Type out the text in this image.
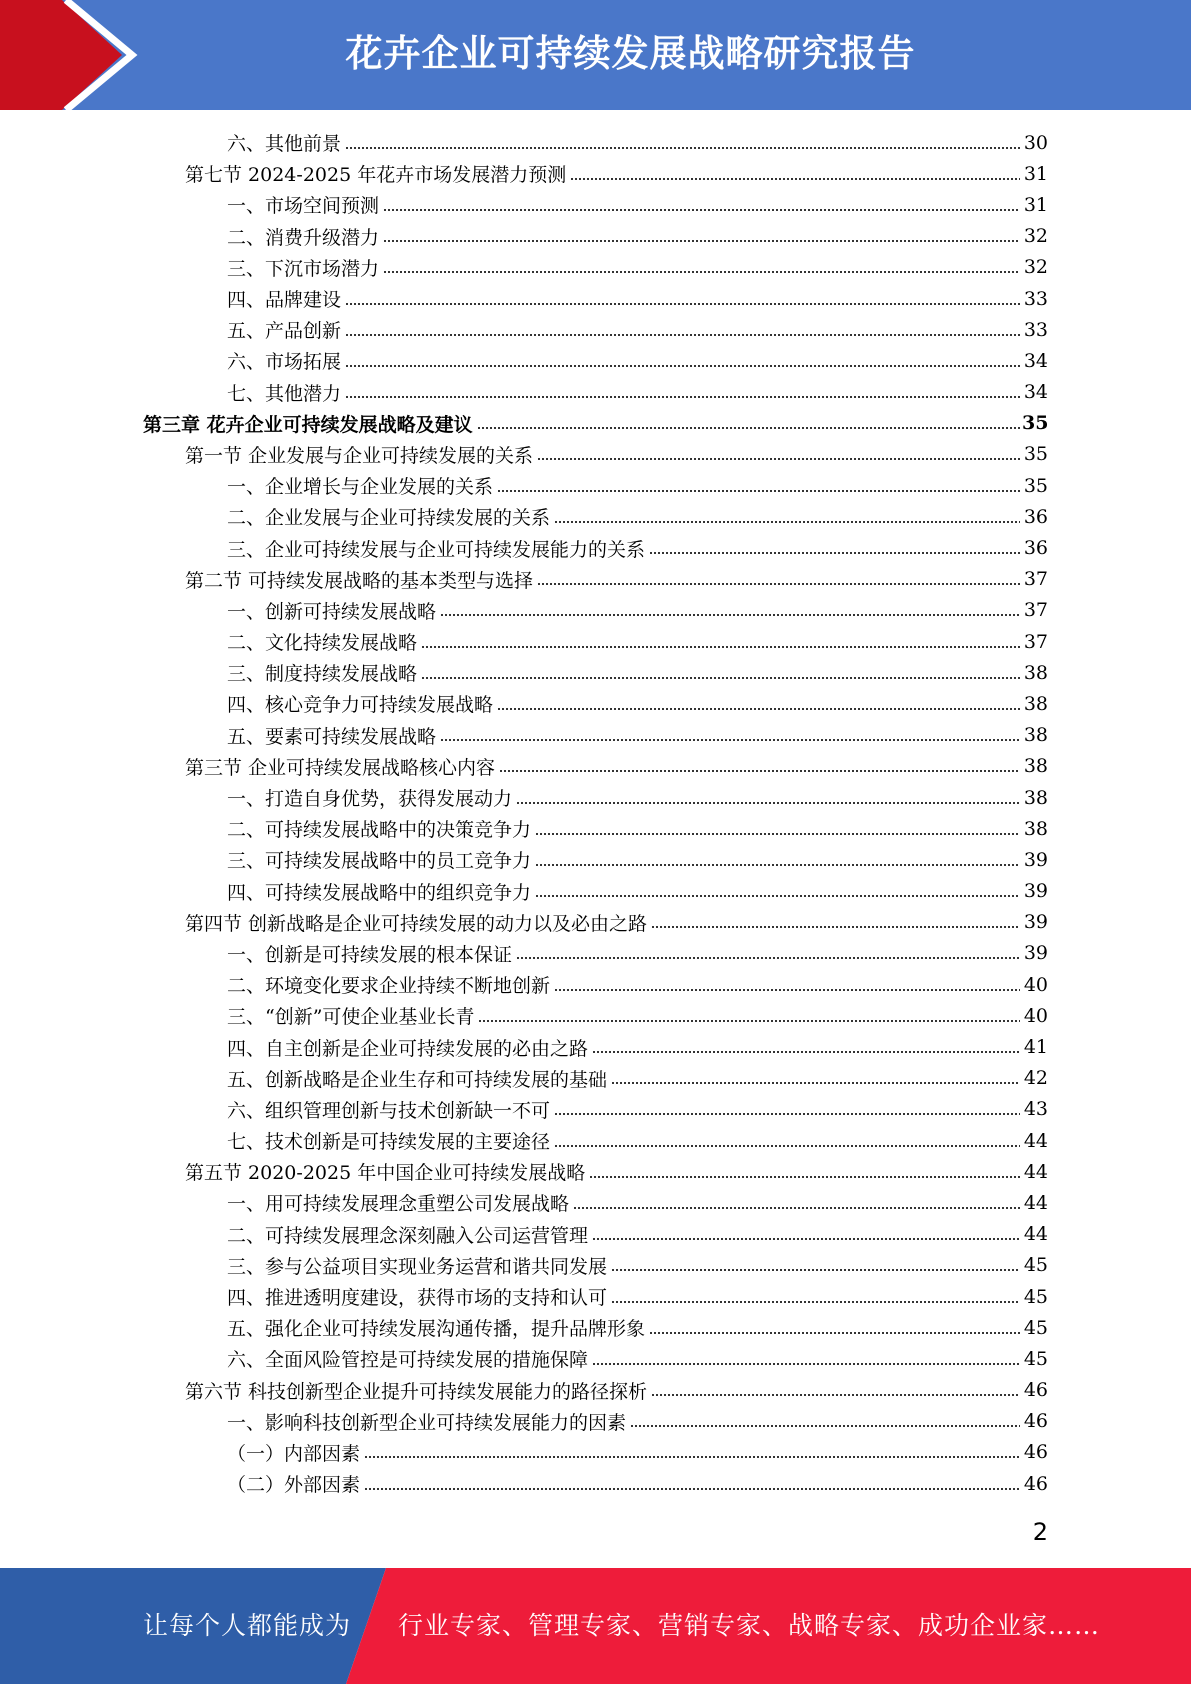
花卉企业可持续发展战略研究报告
六、其他前景	30
第七节 2024-2025 年花卉市场发展潜力预测	31
一、市场空间预测	31
二、消费升级潜力	32
三、下沉市场潜力	32
四、品牌建设	33
五、产品创新	33
六、市场拓展	34
七、其他潜力	34
第三章 花卉企业可持续发展战略及建议	35
第一节 企业发展与企业可持续发展的关系	35
一、企业增长与企业发展的关系	35
二、企业发展与企业可持续发展的关系	36
三、企业可持续发展与企业可持续发展能力的关系	36
第二节 可持续发展战略的基本类型与选择	37
一、创新可持续发展战略	37
二、文化持续发展战略	37
三、制度持续发展战略	38
四、核心竞争力可持续发展战略	38
五、要素可持续发展战略	38
第三节 企业可持续发展战略核心内容	38
一、打造自身优势，获得发展动力	38
二、可持续发展战略中的决策竞争力	38
三、可持续发展战略中的员工竞争力	39
四、可持续发展战略中的组织竞争力	39
第四节 创新战略是企业可持续发展的动力以及必由之路	39
一、创新是可持续发展的根本保证	39
二、环境变化要求企业持续不断地创新	40
三、“创新”可使企业基业长青	40
四、自主创新是企业可持续发展的必由之路	41
五、创新战略是企业生存和可持续发展的基础	42
六、组织管理创新与技术创新缺一不可	43
七、技术创新是可持续发展的主要途径	44
第五节 2020-2025 年中国企业可持续发展战略	44
一、用可持续发展理念重塑公司发展战略	44
二、可持续发展理念深刻融入公司运营管理	44
三、参与公益项目实现业务运营和谐共同发展	45
四、推进透明度建设，获得市场的支持和认可	45
五、强化企业可持续发展沟通传播，提升品牌形象	45
六、全面风险管控是可持续发展的措施保障	45
第六节 科技创新型企业提升可持续发展能力的路径探析	46
一、影响科技创新型企业可持续发展能力的因素	46
（一）内部因素	46
（二）外部因素	46
2
让每个人都能成为 行业专家、管理专家、营销专家、战略专家、成功企业家……
